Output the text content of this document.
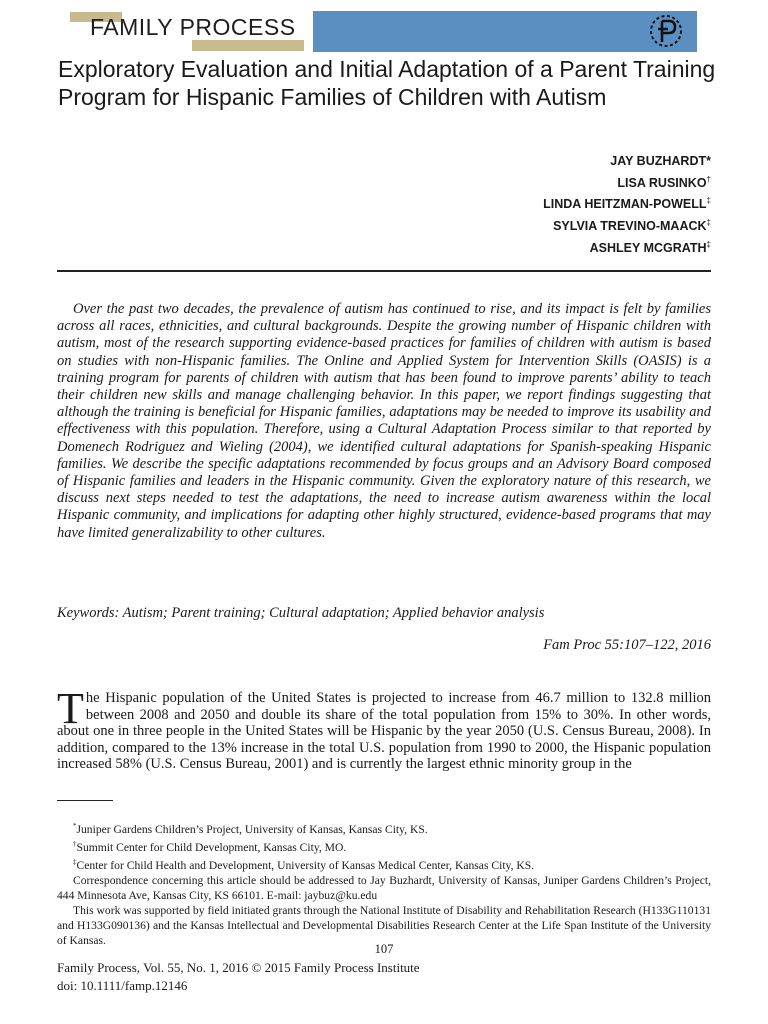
FAMILY PROCESS
Exploratory Evaluation and Initial Adaptation of a Parent Training Program for Hispanic Families of Children with Autism
JAY BUZHARDT*
LISA RUSINKO†
LINDA HEITZMAN-POWELL‡
SYLVIA TREVINO-MAACK‡
ASHLEY MCGRATH‡
Over the past two decades, the prevalence of autism has continued to rise, and its impact is felt by families across all races, ethnicities, and cultural backgrounds. Despite the growing number of Hispanic children with autism, most of the research supporting evidence-based practices for families of children with autism is based on studies with non-Hispanic families. The Online and Applied System for Intervention Skills (OASIS) is a training program for parents of children with autism that has been found to improve parents’ ability to teach their children new skills and manage challenging behavior. In this paper, we report findings suggesting that although the training is beneficial for Hispanic families, adaptations may be needed to improve its usability and effectiveness with this population. Therefore, using a Cultural Adaptation Process similar to that reported by Domenech Rodriguez and Wieling (2004), we identified cultural adaptations for Spanish-speaking Hispanic families. We describe the specific adaptations recommended by focus groups and an Advisory Board composed of Hispanic families and leaders in the Hispanic community. Given the exploratory nature of this research, we discuss next steps needed to test the adaptations, the need to increase autism awareness within the local Hispanic community, and implications for adapting other highly structured, evidence-based programs that may have limited generalizability to other cultures.
Keywords: Autism; Parent training; Cultural adaptation; Applied behavior analysis
Fam Proc 55:107–122, 2016
The Hispanic population of the United States is projected to increase from 46.7 million to 132.8 million between 2008 and 2050 and double its share of the total population from 15% to 30%. In other words, about one in three people in the United States will be Hispanic by the year 2050 (U.S. Census Bureau, 2008). In addition, compared to the 13% increase in the total U.S. population from 1990 to 2000, the Hispanic population increased 58% (U.S. Census Bureau, 2001) and is currently the largest ethnic minority group in the

*Juniper Gardens Children’s Project, University of Kansas, Kansas City, KS.

†Summit Center for Child Development, Kansas City, MO.

‡Center for Child Health and Development, University of Kansas Medical Center, Kansas City, KS.

Correspondence concerning this article should be addressed to Jay Buzhardt, University of Kansas, Juniper Gardens Children’s Project, 444 Minnesota Ave, Kansas City, KS 66101. E-mail: jaybuz@ku.edu

This work was supported by field initiated grants through the National Institute of Disability and Rehabilitation Research (H133G110131 and H133G090136) and the Kansas Intellectual and Developmental Disabilities Research Center at the Life Span Institute of the University of Kansas.

107
Family Process, Vol. 55, No. 1, 2016 © 2015 Family Process Institute
doi: 10.1111/famp.12146
